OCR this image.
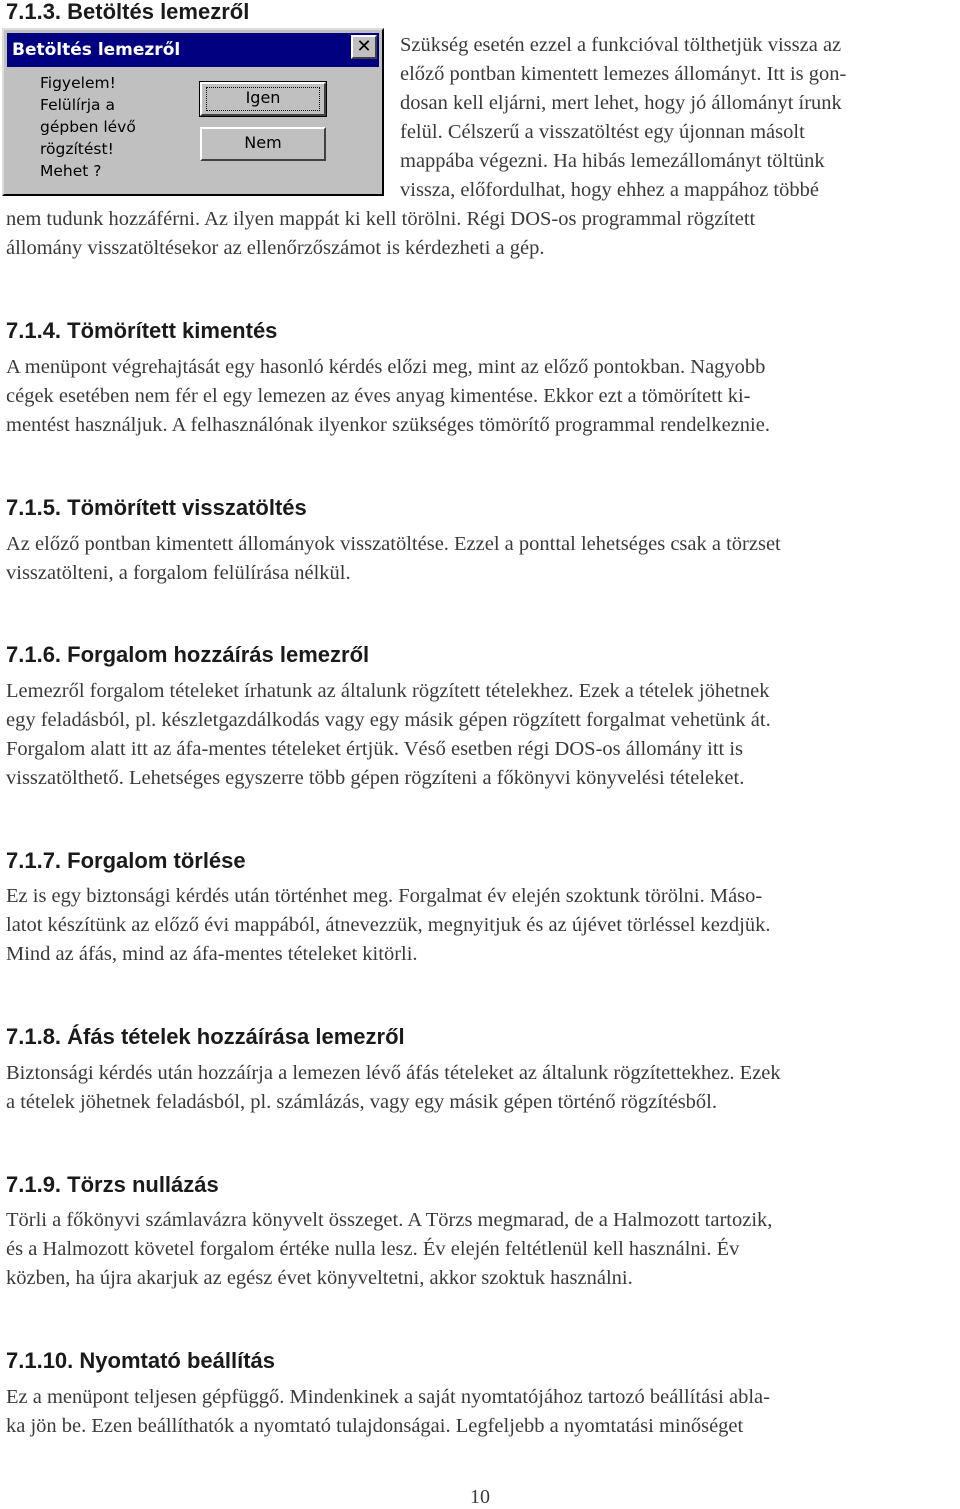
7.1.3. Betöltés lemezről
Betöltés lemezről	✕
Figyelem!
Felülírja a
gépben lévő
rögzítést!
Mehet ?
Igen
Nem
Szükség esetén ezzel a funkcióval tölthetjük vissza az
előző pontban kimentett lemezes állományt. Itt is gon-
dosan kell eljárni, mert lehet, hogy jó állományt írunk
felül. Célszerű a visszatöltést egy újonnan másolt
mappába végezni. Ha hibás lemezállományt töltünk
vissza, előfordulhat, hogy ehhez a mappához többé
nem tudunk hozzáférni. Az ilyen mappát ki kell törölni. Régi DOS-os programmal rögzített
állomány visszatöltésekor az ellenőrzőszámot is kérdezheti a gép.
7.1.4. Tömörített kimentés
A menüpont végrehajtását egy hasonló kérdés előzi meg, mint az előző pontokban. Nagyobb
cégek esetében nem fér el egy lemezen az éves anyag kimentése. Ekkor ezt a tömörített ki-
mentést használjuk. A felhasználónak ilyenkor szükséges tömörítő programmal rendelkeznie.
7.1.5. Tömörített visszatöltés
Az előző pontban kimentett állományok visszatöltése. Ezzel a ponttal lehetséges csak a törzset
visszatölteni, a forgalom felülírása nélkül.
7.1.6. Forgalom hozzáírás lemezről
Lemezről forgalom tételeket írhatunk az általunk rögzített tételekhez. Ezek a tételek jöhetnek
egy feladásból, pl. készletgazdálkodás vagy egy másik gépen rögzített forgalmat vehetünk át.
Forgalom alatt itt az áfa-mentes tételeket értjük. Véső esetben régi DOS-os állomány itt is
visszatölthető. Lehetséges egyszerre több gépen rögzíteni a főkönyvi könyvelési tételeket.
7.1.7. Forgalom törlése
Ez is egy biztonsági kérdés után történhet meg. Forgalmat év elején szoktunk törölni. Máso-
latot készítünk az előző évi mappából, átnevezzük, megnyitjuk és az újévet törléssel kezdjük.
Mind az áfás, mind az áfa-mentes tételeket kitörli.
7.1.8. Áfás tételek hozzáírása lemezről
Biztonsági kérdés után hozzáírja a lemezen lévő áfás tételeket az általunk rögzítettekhez. Ezek
a tételek jöhetnek feladásból, pl. számlázás, vagy egy másik gépen történő rögzítésből.
7.1.9. Törzs nullázás
Törli a főkönyvi számlavázra könyvelt összeget. A Törzs megmarad, de a Halmozott tartozik,
és a Halmozott követel forgalom értéke nulla lesz. Év elején feltétlenül kell használni. Év
közben, ha újra akarjuk az egész évet könyveltetni, akkor szoktuk használni.
7.1.10. Nyomtató beállítás
Ez a menüpont teljesen gépfüggő. Mindenkinek a saját nyomtatójához tartozó beállítási abla-
ka jön be. Ezen beállíthatók a nyomtató tulajdonságai. Legfeljebb a nyomtatási minőséget
10
